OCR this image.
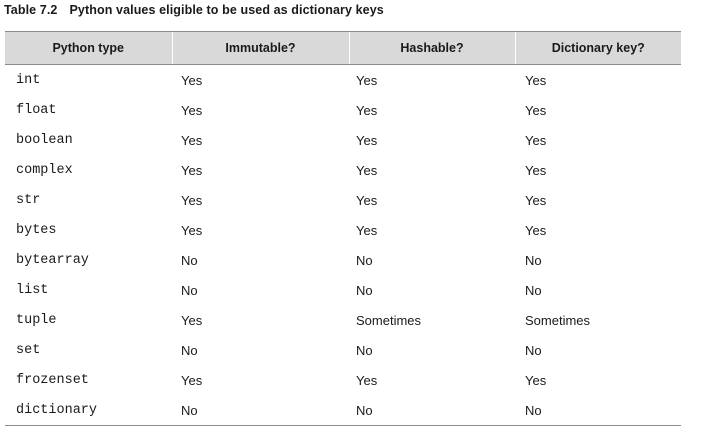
Table 7.2 Python values eligible to be used as dictionary keys
Python type	Immutable?	Hashable?	Dictionary key?
int	Yes	Yes	Yes
float	Yes	Yes	Yes
boolean	Yes	Yes	Yes
complex	Yes	Yes	Yes
str	Yes	Yes	Yes
bytes	Yes	Yes	Yes
bytearray	No	No	No
list	No	No	No
tuple	Yes	Sometimes	Sometimes
set	No	No	No
frozenset	Yes	Yes	Yes
dictionary	No	No	No
